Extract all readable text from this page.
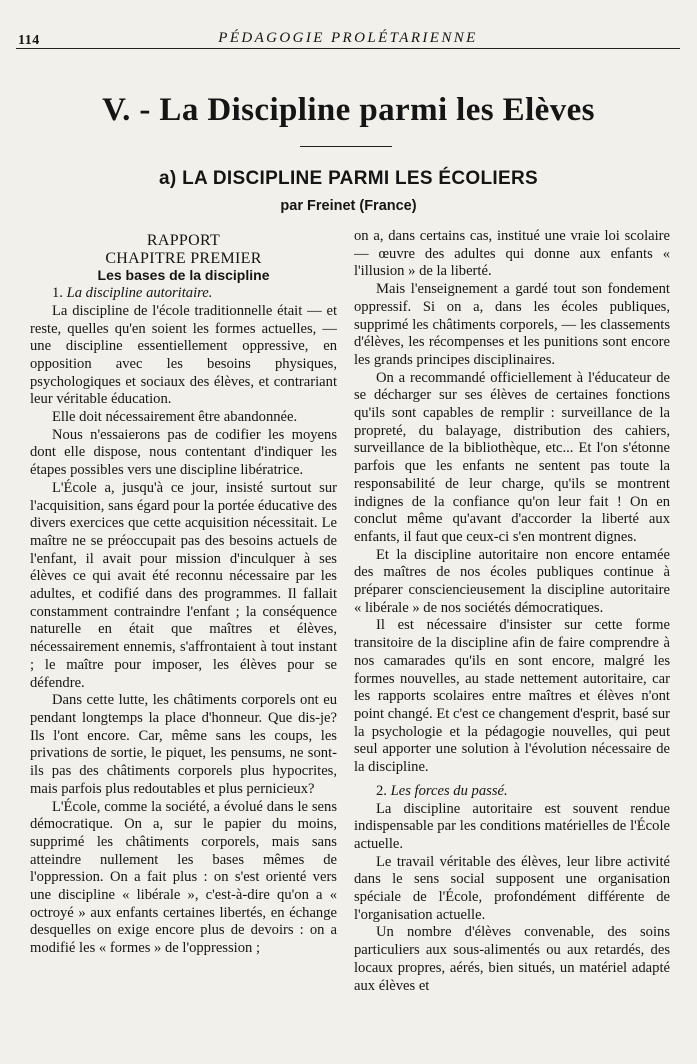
114	PÉDAGOGIE PROLÉTARIENNE
V. - La Discipline parmi les Elèves
a) LA DISCIPLINE PARMI LES ÉCOLIERS
par Freinet (France)

RAPPORT

CHAPITRE PREMIER

Les bases de la discipline

1. La discipline autoritaire.

La discipline de l'école traditionnelle était — et reste, quelles qu'en soient les formes actuelles, — une discipline essentiellement oppressive, en opposition avec les besoins physiques, psychologiques et sociaux des élèves, et contrariant leur véritable éducation.

Elle doit nécessairement être abandonnée.

Nous n'essaierons pas de codifier les moyens dont elle dispose, nous contentant d'indiquer les étapes possibles vers une discipline libératrice.

L'École a, jusqu'à ce jour, insisté surtout sur l'acquisition, sans égard pour la portée éducative des divers exercices que cette acquisition nécessitait. Le maître ne se préoccupait pas des besoins actuels de l'enfant, il avait pour mission d'inculquer à ses élèves ce qui avait été reconnu nécessaire par les adultes, et codifié dans des programmes. Il fallait constamment contraindre l'enfant ; la conséquence naturelle en était que maîtres et élèves, nécessairement ennemis, s'affrontaient à tout instant ; le maître pour imposer, les élèves pour se défendre.

Dans cette lutte, les châtiments corporels ont eu pendant longtemps la place d'honneur. Que dis-je? Ils l'ont encore. Car, même sans les coups, les privations de sortie, le piquet, les pensums, ne sont-ils pas des châtiments corporels plus hypocrites, mais parfois plus redoutables et plus pernicieux?

L'École, comme la société, a évolué dans le sens démocratique. On a, sur le papier du moins, supprimé les châtiments corporels, mais sans atteindre nullement les bases mêmes de l'oppression. On a fait plus : on s'est orienté vers une discipline « libérale », c'est-à-dire qu'on a « octroyé » aux enfants certaines libertés, en échange desquelles on exige encore plus de devoirs : on a modifié les « formes » de l'oppression ;

on a, dans certains cas, institué une vraie loi scolaire — œuvre des adultes qui donne aux enfants « l'illusion » de la liberté.

Mais l'enseignement a gardé tout son fondement oppressif. Si on a, dans les écoles publiques, supprimé les châtiments corporels, — les classements d'élèves, les récompenses et les punitions sont encore les grands principes disciplinaires.

On a recommandé officiellement à l'éducateur de se décharger sur ses élèves de certaines fonctions qu'ils sont capables de remplir : surveillance de la propreté, du balayage, distribution des cahiers, surveillance de la bibliothèque, etc... Et l'on s'étonne parfois que les enfants ne sentent pas toute la responsabilité de leur charge, qu'ils se montrent indignes de la confiance qu'on leur fait ! On en conclut même qu'avant d'accorder la liberté aux enfants, il faut que ceux-ci s'en montrent dignes.

Et la discipline autoritaire non encore entamée des maîtres de nos écoles publiques continue à préparer consciencieusement la discipline autoritaire « libérale » de nos sociétés démocratiques.

Il est nécessaire d'insister sur cette forme transitoire de la discipline afin de faire comprendre à nos camarades qu'ils en sont encore, malgré les formes nouvelles, au stade nettement autoritaire, car les rapports scolaires entre maîtres et élèves n'ont point changé. Et c'est ce changement d'esprit, basé sur la psychologie et la pédagogie nouvelles, qui peut seul apporter une solution à l'évolution nécessaire de la discipline.

2. Les forces du passé.

La discipline autoritaire est souvent rendue indispensable par les conditions matérielles de l'École actuelle.

Le travail véritable des élèves, leur libre activité dans le sens social supposent une organisation spéciale de l'École, profondément différente de l'organisation actuelle.

Un nombre d'élèves convenable, des soins particuliers aux sous-alimentés ou aux retardés, des locaux propres, aérés, bien situés, un matériel adapté aux élèves et
